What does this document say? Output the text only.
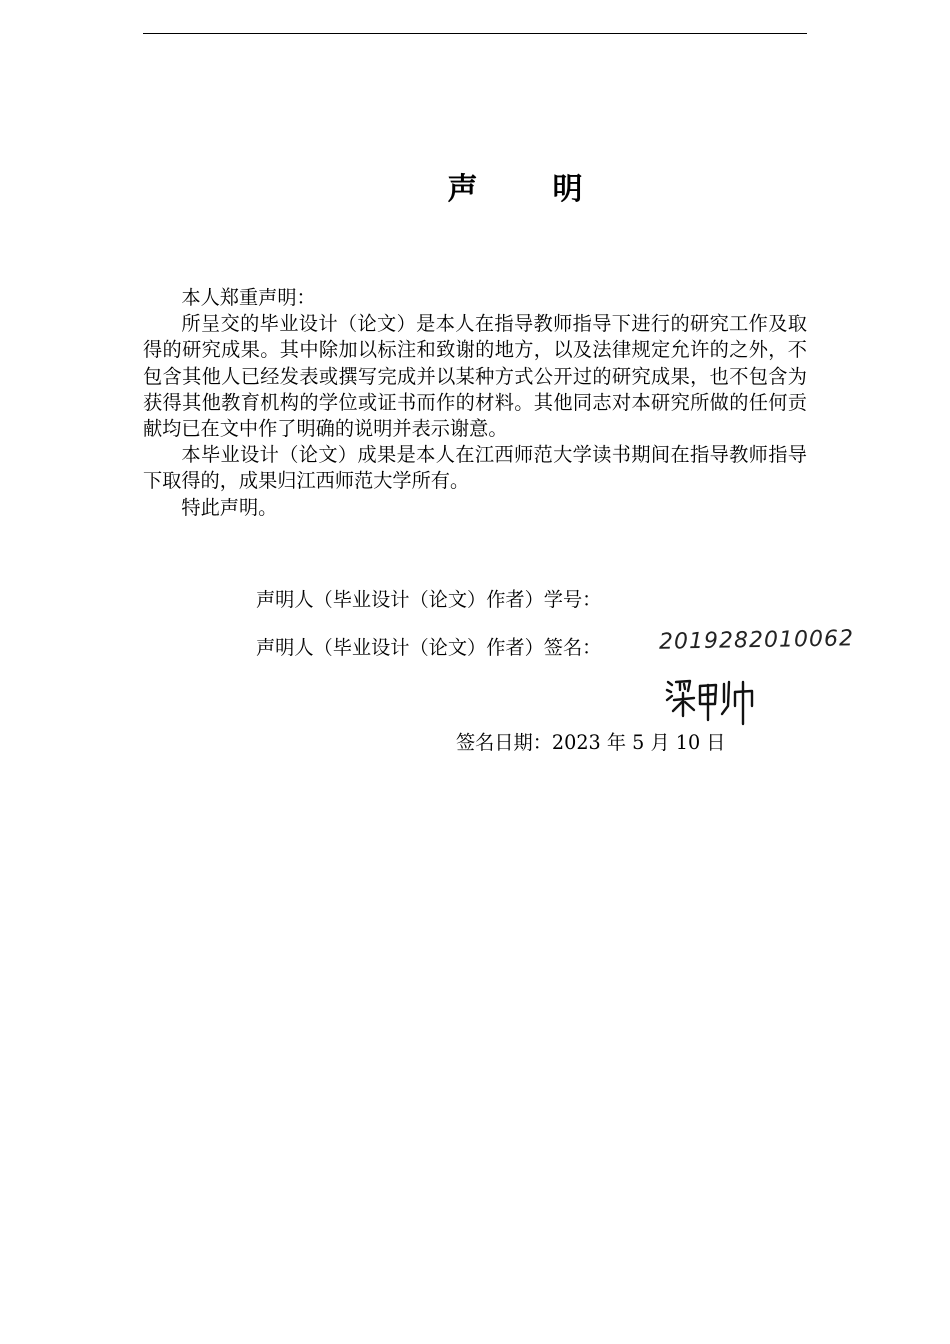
声	明

本人郑重声明：

所呈交的毕业设计（论文）是本人在指导教师指导下进行的研究工作及取得的研究成果。其中除加以标注和致谢的地方，以及法律规定允许的之外，不包含其他人已经发表或撰写完成并以某种方式公开过的研究成果，也不包含为获得其他教育机构的学位或证书而作的材料。其他同志对本研究所做的任何贡献均已在文中作了明确的说明并表示谢意。

本毕业设计（论文）成果是本人在江西师范大学读书期间在指导教师指导下取得的，成果归江西师范大学所有。

特此声明。

声明人（毕业设计（论文）作者）学号：
声明人（毕业设计（论文）作者）签名：	2019282010062
签名日期：2023 年 5 月 10 日
